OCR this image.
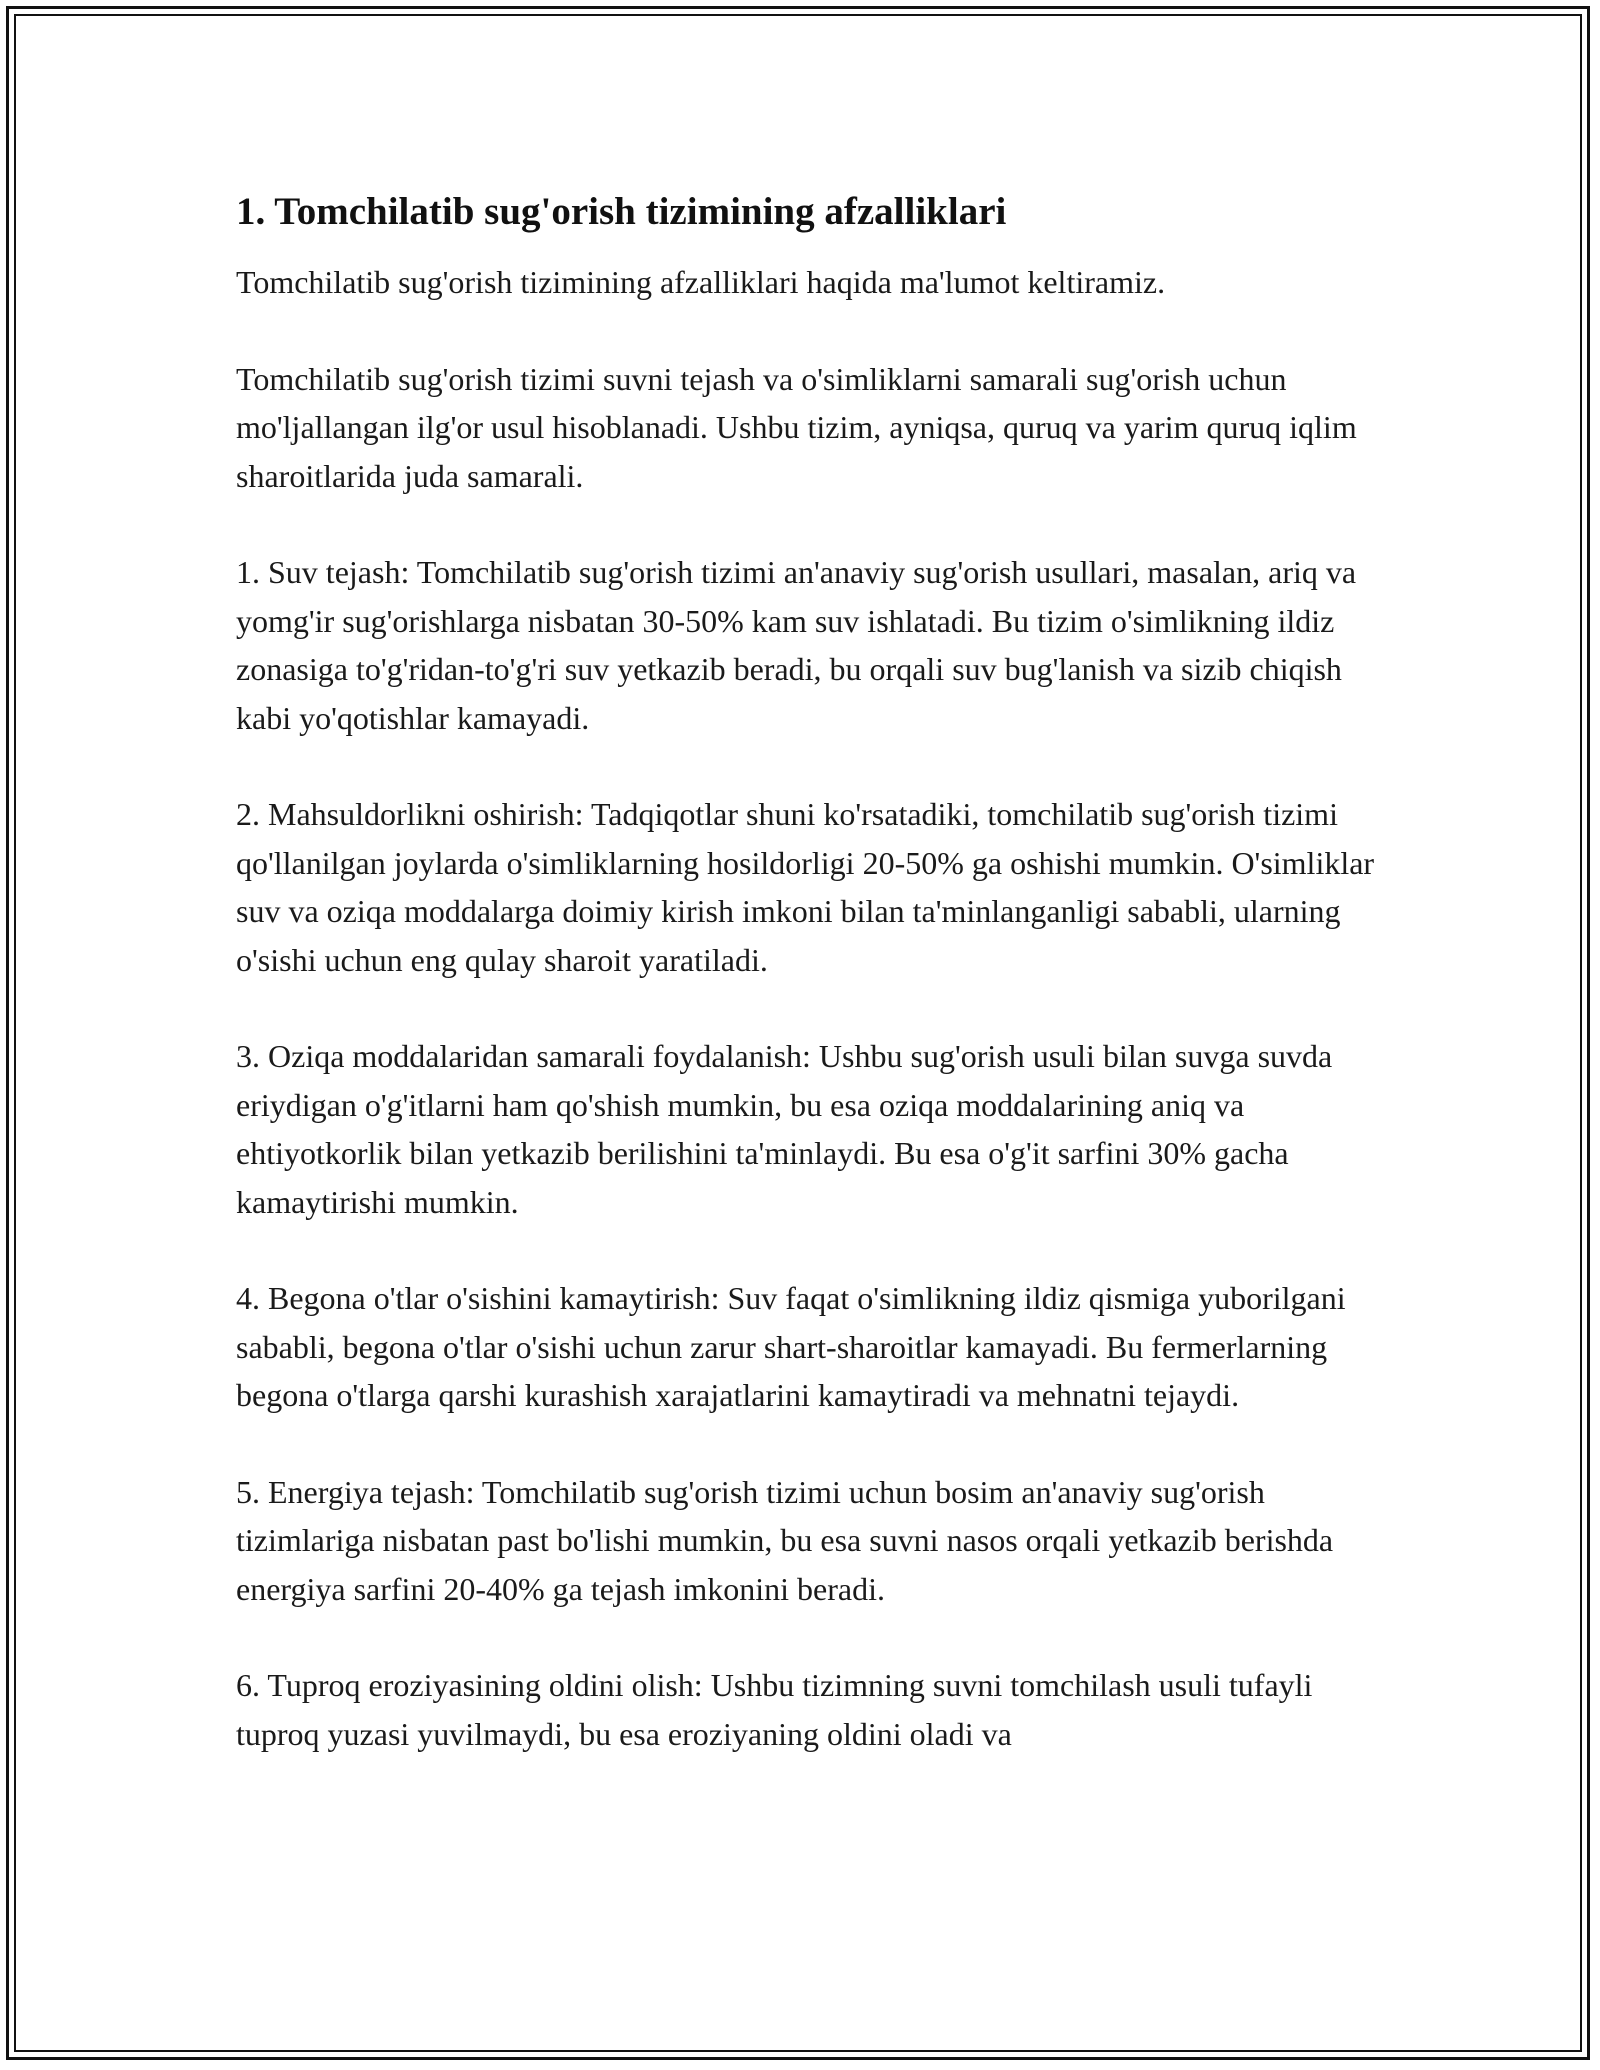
1. Tomchilatib sug'orish tizimining afzalliklari

Tomchilatib sug'orish tizimining afzalliklari haqida ma'lumot keltiramiz.

Tomchilatib sug'orish tizimi suvni tejash va o'simliklarni samarali sug'orish uchun mo'ljallangan ilg'or usul hisoblanadi. Ushbu tizim, ayniqsa, quruq va yarim quruq iqlim sharoitlarida juda samarali.

1. Suv tejash: Tomchilatib sug'orish tizimi an'anaviy sug'orish usullari, masalan, ariq va yomg'ir sug'orishlarga nisbatan 30-50% kam suv ishlatadi. Bu tizim o'simlikning ildiz zonasiga to'g'ridan-to'g'ri suv yetkazib beradi, bu orqali suv bug'lanish va sizib chiqish kabi yo'qotishlar kamayadi.

2. Mahsuldorlikni oshirish: Tadqiqotlar shuni ko'rsatadiki, tomchilatib sug'orish tizimi qo'llanilgan joylarda o'simliklarning hosildorligi 20-50% ga oshishi mumkin. O'simliklar suv va oziqa moddalarga doimiy kirish imkoni bilan ta'minlanganligi sababli, ularning o'sishi uchun eng qulay sharoit yaratiladi.

3. Oziqa moddalaridan samarali foydalanish: Ushbu sug'orish usuli bilan suvga suvda eriydigan o'g'itlarni ham qo'shish mumkin, bu esa oziqa moddalarining aniq va ehtiyotkorlik bilan yetkazib berilishini ta'minlaydi. Bu esa o'g'it sarfini 30% gacha kamaytirishi mumkin.

4. Begona o'tlar o'sishini kamaytirish: Suv faqat o'simlikning ildiz qismiga yuborilgani sababli, begona o'tlar o'sishi uchun zarur shart-sharoitlar kamayadi. Bu fermerlarning begona o'tlarga qarshi kurashish xarajatlarini kamaytiradi va mehnatni tejaydi.

5. Energiya tejash: Tomchilatib sug'orish tizimi uchun bosim an'anaviy sug'orish tizimlariga nisbatan past bo'lishi mumkin, bu esa suvni nasos orqali yetkazib berishda energiya sarfini 20-40% ga tejash imkonini beradi.

6. Tuproq eroziyasining oldini olish: Ushbu tizimning suvni tomchilash usuli tufayli tuproq yuzasi yuvilmaydi, bu esa eroziyaning oldini oladi va
